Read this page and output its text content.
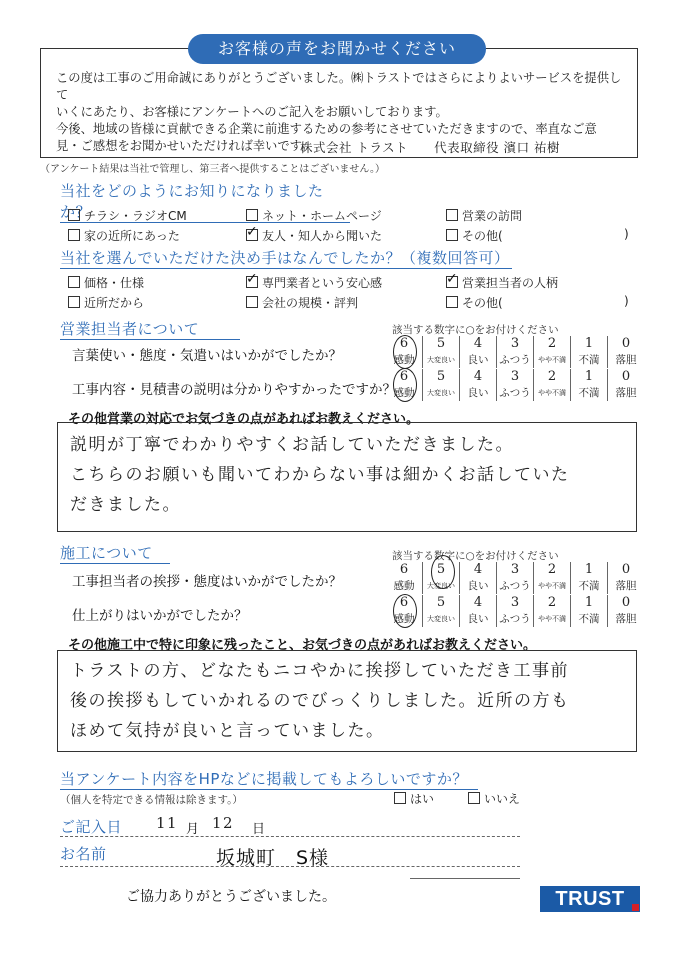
お客様の声をお聞かせください
この度は工事のご用命誠にありがとうございました。㈱トラストではさらによりよいサービスを提供して
いくにあたり、お客様にアンケートへのご記入をお願いしております。
今後、地域の皆様に貢献できる企業に前進するための参考にさせていただきますので、率直なご意
見・ご感想をお聞かせいただければ幸いです。
株式会社 トラスト　　代表取締役 濱口 祐樹
（アンケート結果は当社で管理し、第三者へ提供することはございません。）
当社をどのようにお知りになりましたか？
チラシ・ラジオCM	ネット・ホームページ	営業の訪問
家の近所にあった ✓	友人・知人から聞いた	その他(	)
当社を選んでいただけた決め手はなんでしたか？（複数回答可）
価格・仕様 ✓	専門業者という安心感 ✓	営業担当者の人柄
近所だから	会社の規模・評判	その他(	)
営業担当者について	該当する数字に○をお付けください
言葉使い・態度・気遣いはいかがでしたか？
工事内容・見積書の説明は分かりやすかったですか？
6	5	4	3	2	1	0
感動	大変良い	良い	ふつう	やや不満	不満	落胆
6	5	4	3	2	1	0
感動	大変良い	良い	ふつう	やや不満	不満	落胆
その他営業の対応でお気づきの点があればお教えください。
説明が丁寧でわかりやすくお話していただきました。
こちらのお願いも聞いてわからない事は細かくお話していた
だきました。
施工について	該当する数字に○をお付けください
工事担当者の挨拶・態度はいかがでしたか？
仕上がりはいかがでしたか？
6	5	4	3	2	1	0
感動	大変良い	良い	ふつう	やや不満	不満	落胆
6	5	4	3	2	1	0
感動	大変良い	良い	ふつう	やや不満	不満	落胆
その他施工中で特に印象に残ったこと、お気づきの点があればお教えください。
トラストの方、どなたもニコやかに挨拶していただき工事前
後の挨拶もしていかれるのでびっくりしました。近所の方も
ほめて気持が良いと言っていました。
当アンケート内容をHPなどに掲載してもよろしいですか？
（個人を特定できる情報は除きます。）	はい	いいえ
ご記入日 11 月 12 日
お名前	坂城町　S様
ご協力ありがとうございました。	TRUST
